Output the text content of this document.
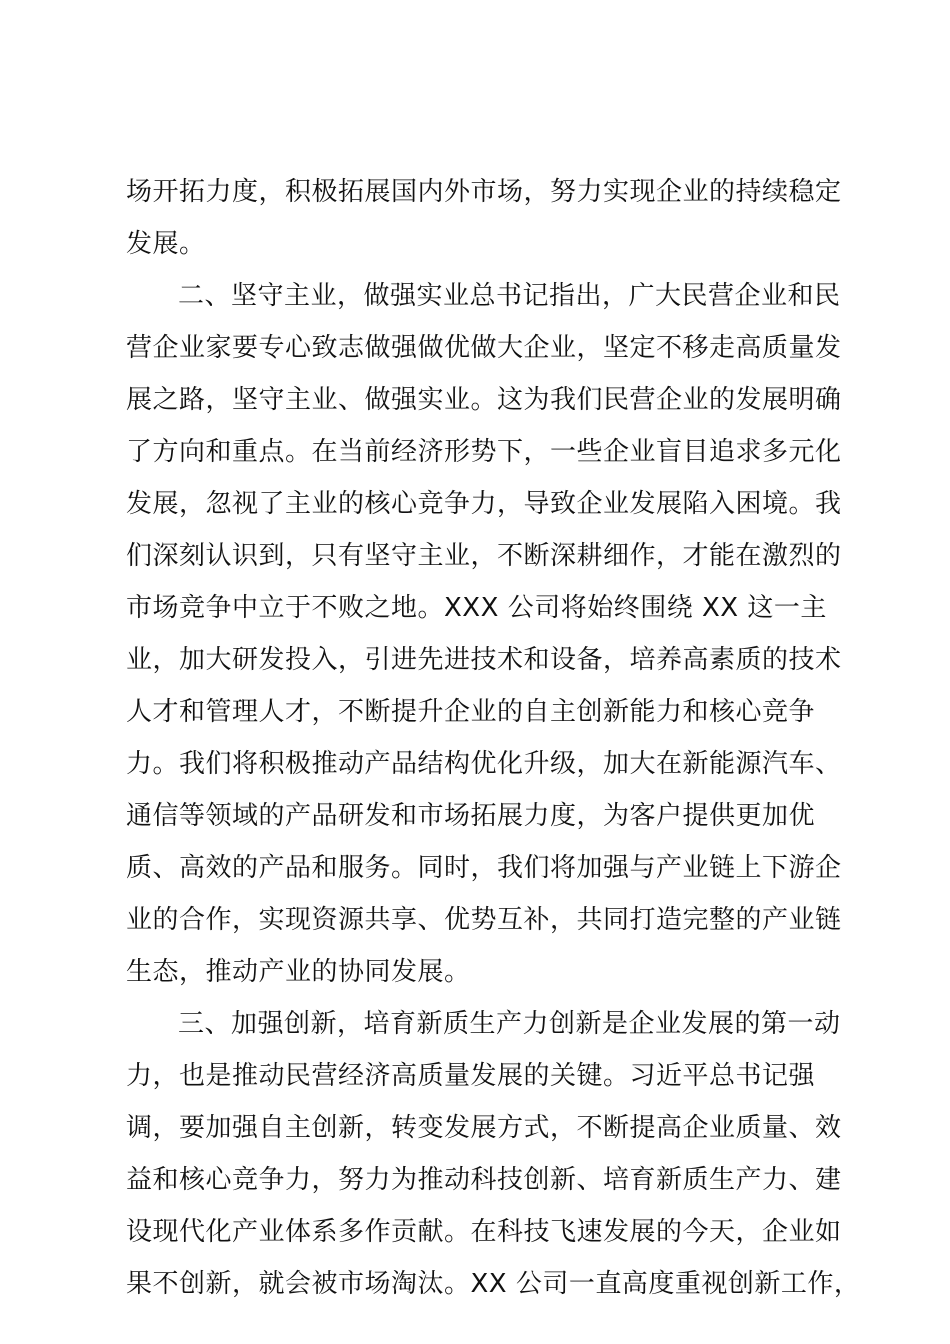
场开拓力度，积极拓展国内外市场，努力实现企业的持续稳定
发展。
二、坚守主业，做强实业总书记指出，广大民营企业和民
营企业家要专心致志做强做优做大企业，坚定不移走高质量发
展之路，坚守主业、做强实业。这为我们民营企业的发展明确
了方向和重点。在当前经济形势下，一些企业盲目追求多元化
发展，忽视了主业的核心竞争力，导致企业发展陷入困境。我
们深刻认识到，只有坚守主业，不断深耕细作，才能在激烈的
市场竞争中立于不败之地。XXX 公司将始终围绕 XX 这一主
业，加大研发投入，引进先进技术和设备，培养高素质的技术
人才和管理人才，不断提升企业的自主创新能力和核心竞争
力。我们将积极推动产品结构优化升级，加大在新能源汽车、
通信等领域的产品研发和市场拓展力度，为客户提供更加优
质、高效的产品和服务。同时，我们将加强与产业链上下游企
业的合作，实现资源共享、优势互补，共同打造完整的产业链
生态，推动产业的协同发展。
三、加强创新，培育新质生产力创新是企业发展的第一动
力，也是推动民营经济高质量发展的关键。习近平总书记强
调，要加强自主创新，转变发展方式，不断提高企业质量、效
益和核心竞争力，努力为推动科技创新、培育新质生产力、建
设现代化产业体系多作贡献。在科技飞速发展的今天，企业如
果不创新，就会被市场淘汰。XX 公司一直高度重视创新工作，
